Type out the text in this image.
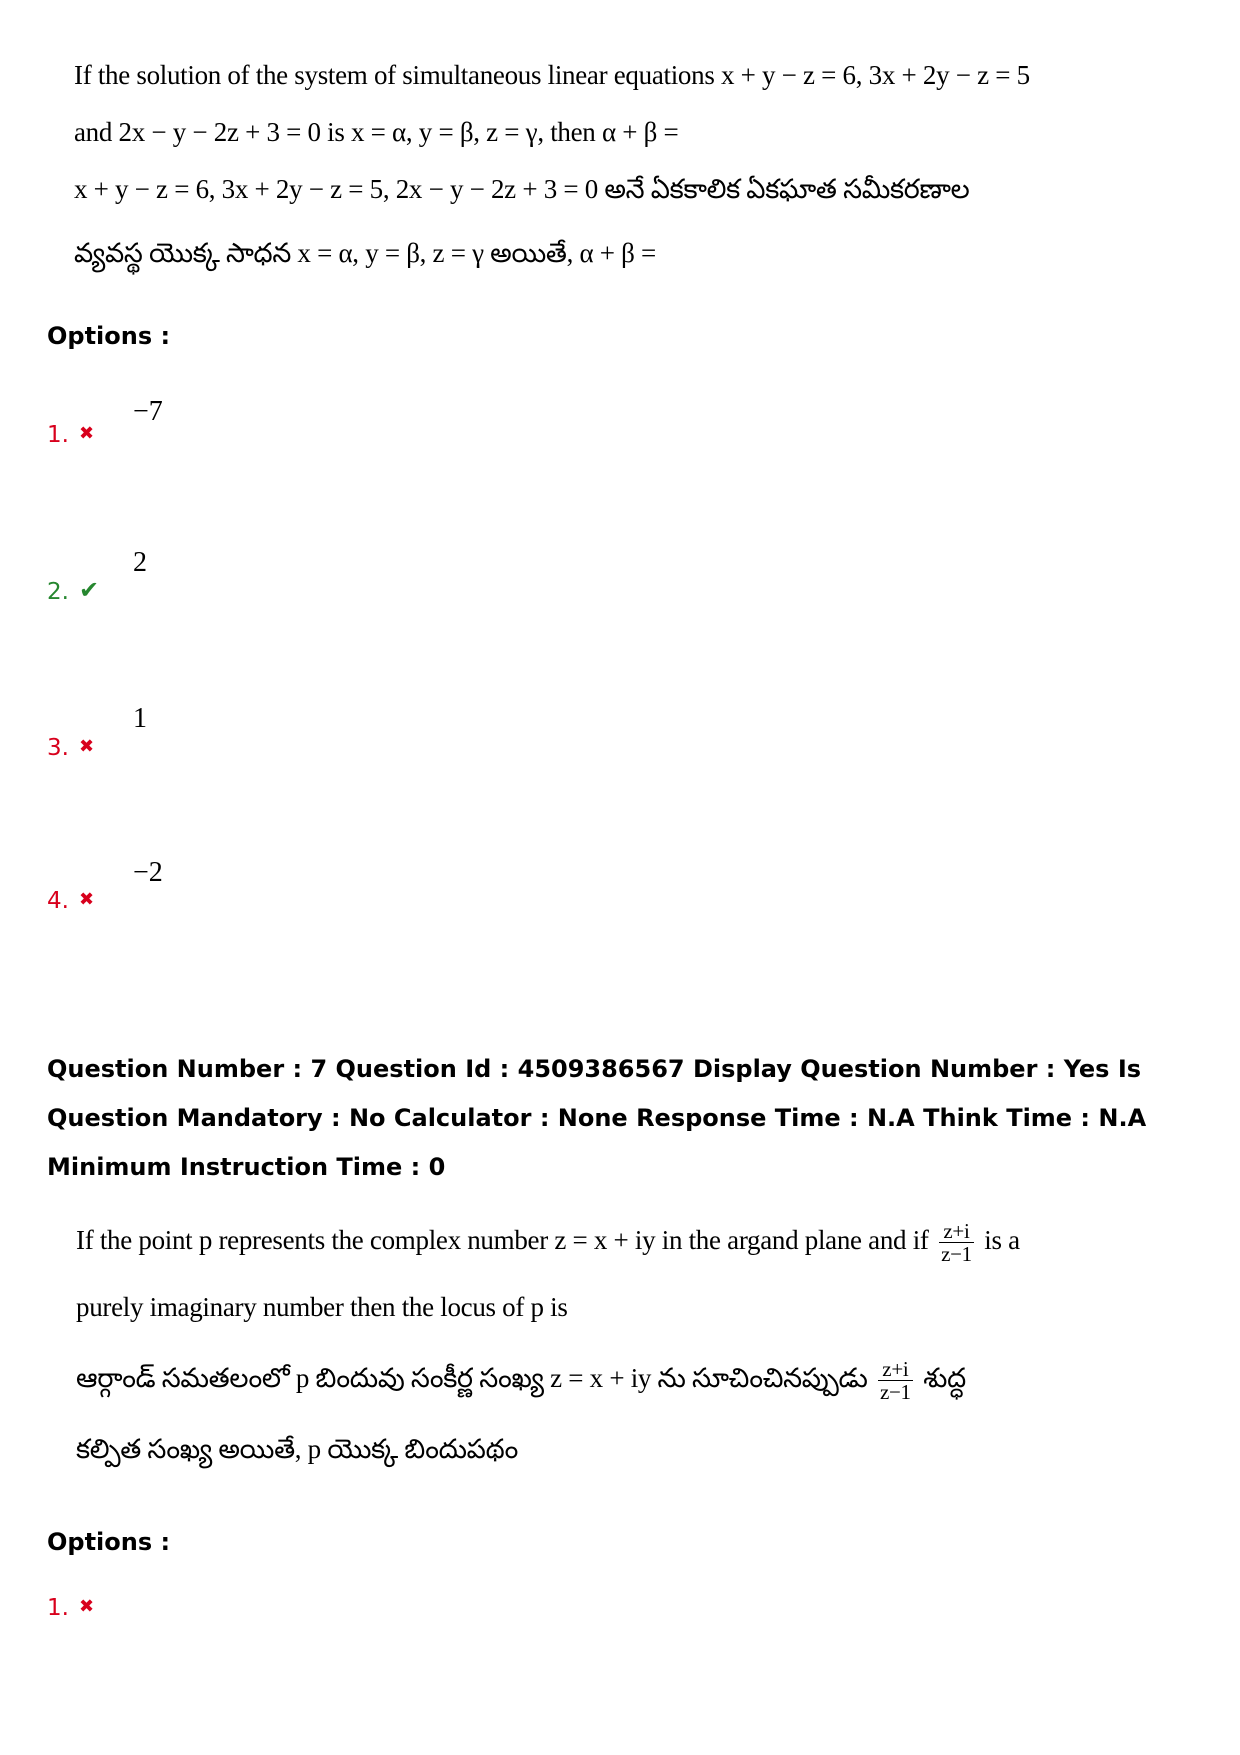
If the solution of the system of simultaneous linear equations x + y − z = 6, 3x + 2y − z = 5
and 2x − y − 2z + 3 = 0 is x = α, y = β, z = γ, then α + β =
x + y − z = 6, 3x + 2y − z = 5, 2x − y − 2z + 3 = 0 అనే ఏకకాలిక ఏకఘాత సమీకరణాల
వ్యవస్థ యొక్క సాధన x = α, y = β, z = γ అయితే, α + β =
Options :
1. ✖
−7
2. ✔
2
3. ✖
1
4. ✖
−2
Question Number : 7 Question Id : 4509386567 Display Question Number : Yes Is Question Mandatory : No Calculator : None Response Time : N.A Think Time : N.A Minimum Instruction Time : 0
If the point p represents the complex number z = x + iy in the argand plane and if $\frac{z+i}{z-1}$ is a
purely imaginary number then the locus of p is
ఆర్గాండ్ సమతలంలో p బిందువు సంకీర్ణ సంఖ్య z = x + iy ను సూచించినప్పుడు $\frac{z+i}{z-1}$ శుద్ధ
కల్పిత సంఖ్య అయితే, p యొక్క బిందుపథం
Options :
1. ✖
